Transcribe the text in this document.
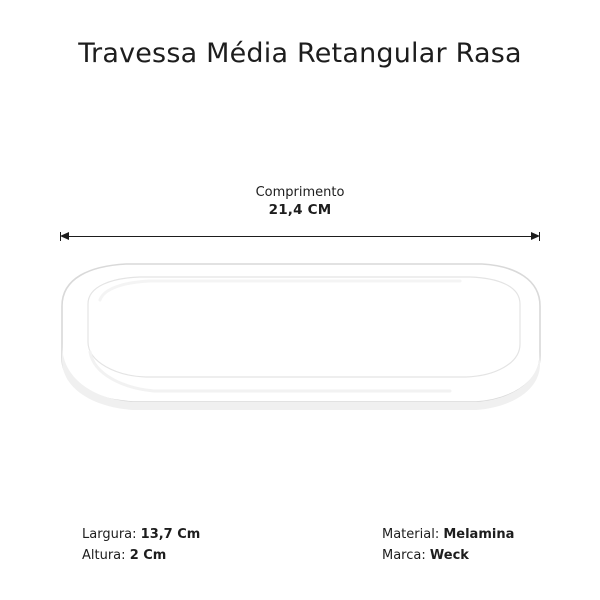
Travessa Média Retangular Rasa
Comprimento
21,4 CM
Largura: 13,7 Cm
Altura: 2 Cm
Material: Melamina
Marca: Weck
